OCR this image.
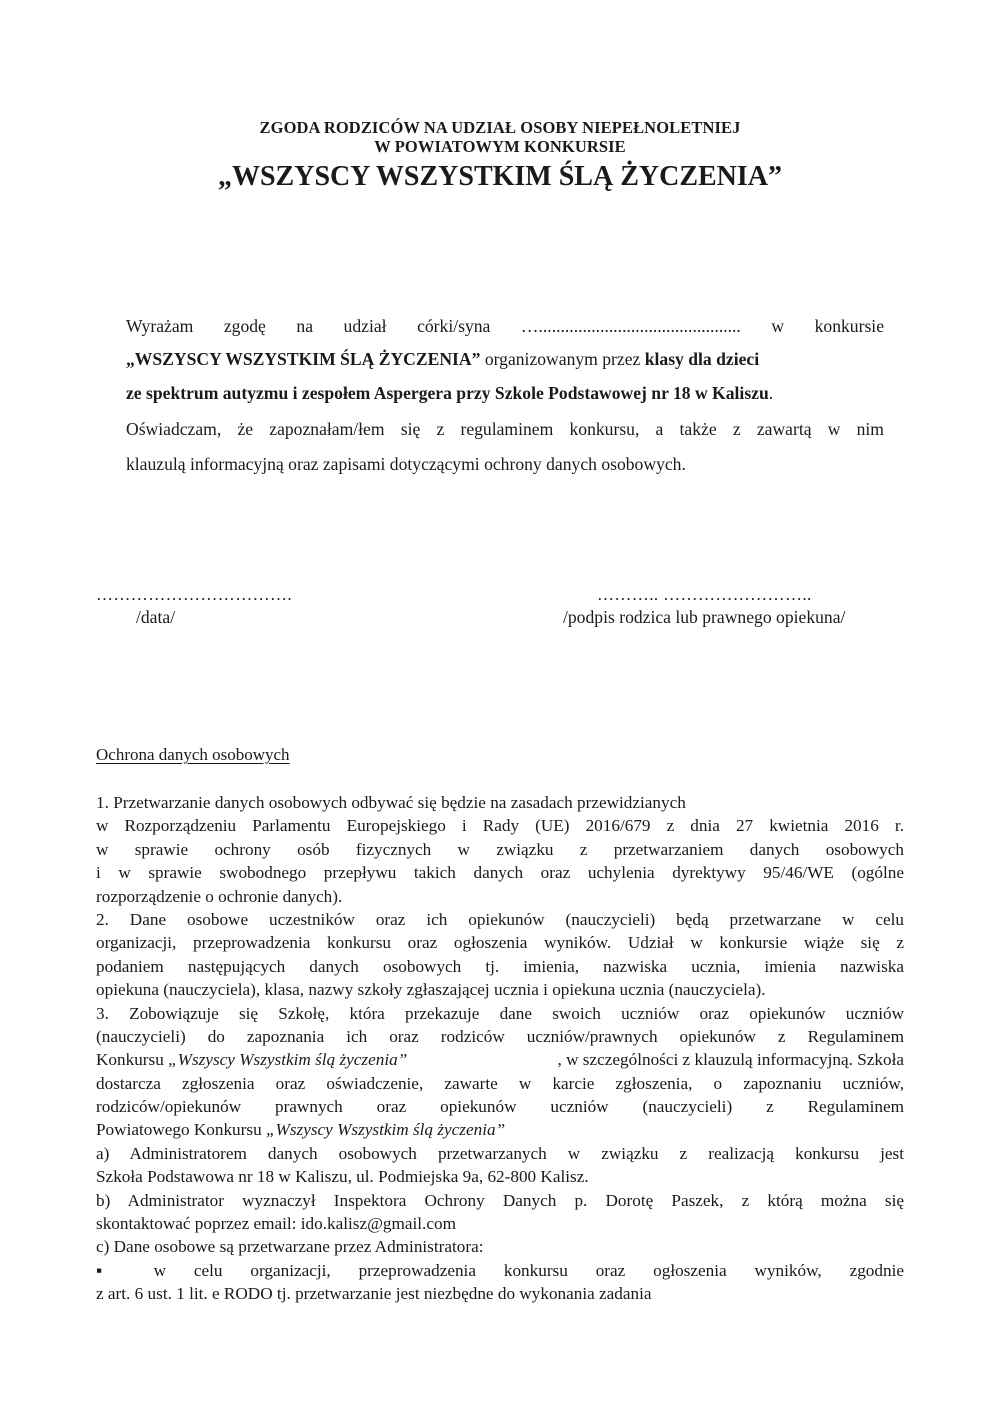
ZGODA RODZICÓW NA UDZIAŁ OSOBY NIEPEŁNOLETNIEJ
W POWIATOWYM KONKURSIE
„WSZYSCY WSZYSTKIM ŚLĄ ŻYCZENIA”
Wyrażam zgodę na udział córki/syna ….............................................. w konkursie
„WSZYSCY WSZYSTKIM ŚLĄ ŻYCZENIA” organizowanym przez klasy dla dzieci
ze spektrum autyzmu i zespołem Aspergera przy Szkole Podstawowej nr 18 w Kaliszu.
Oświadczam, że zapoznałam/łem się z regulaminem konkursu, a także z zawartą w nim
klauzulą informacyjną oraz zapisami dotyczącymi ochrony danych osobowych.
…………………………….
/data/
……….. ……………………..
/podpis rodzica lub prawnego opiekuna/
Ochrona danych osobowych
1. Przetwarzanie danych osobowych odbywać się będzie na zasadach przewidzianych
w Rozporządzeniu Parlamentu Europejskiego i Rady (UE) 2016/679 z dnia 27 kwietnia 2016 r.
w sprawie ochrony osób fizycznych w związku z przetwarzaniem danych osobowych
i w sprawie swobodnego przepływu takich danych oraz uchylenia dyrektywy 95/46/WE (ogólne
rozporządzenie o ochronie danych).
2. Dane osobowe uczestników oraz ich opiekunów (nauczycieli) będą przetwarzane w celu
organizacji, przeprowadzenia konkursu oraz ogłoszenia wyników. Udział w konkursie wiąże się z
podaniem następujących danych osobowych tj. imienia, nazwiska ucznia, imienia nazwiska
opiekuna (nauczyciela), klasa, nazwy szkoły zgłaszającej ucznia i opiekuna ucznia (nauczyciela).
3. Zobowiązuje się Szkołę, która przekazuje dane swoich uczniów oraz opiekunów uczniów
(nauczycieli) do zapoznania ich oraz rodziców uczniów/prawnych opiekunów z Regulaminem
Konkursu „Wszyscy Wszystkim ślą życzenia”	, w szczególności z klauzulą informacyjną. Szkoła
dostarcza zgłoszenia oraz oświadczenie, zawarte w karcie zgłoszenia, o zapoznaniu uczniów,
rodziców/opiekunów prawnych oraz opiekunów uczniów (nauczycieli) z Regulaminem
Powiatowego Konkursu „Wszyscy Wszystkim ślą życzenia”
a) Administratorem danych osobowych przetwarzanych w związku z realizacją konkursu jest
Szkoła Podstawowa nr 18 w Kaliszu, ul. Podmiejska 9a, 62-800 Kalisz.
b) Administrator wyznaczył Inspektora Ochrony Danych p. Dorotę Paszek, z którą można się
skontaktować poprzez email: ido.kalisz@gmail.com
c) Dane osobowe są przetwarzane przez Administratora:
▪ w celu organizacji, przeprowadzenia konkursu oraz ogłoszenia wyników, zgodnie
z art. 6 ust. 1 lit. e RODO tj. przetwarzanie jest niezbędne do wykonania zadania
